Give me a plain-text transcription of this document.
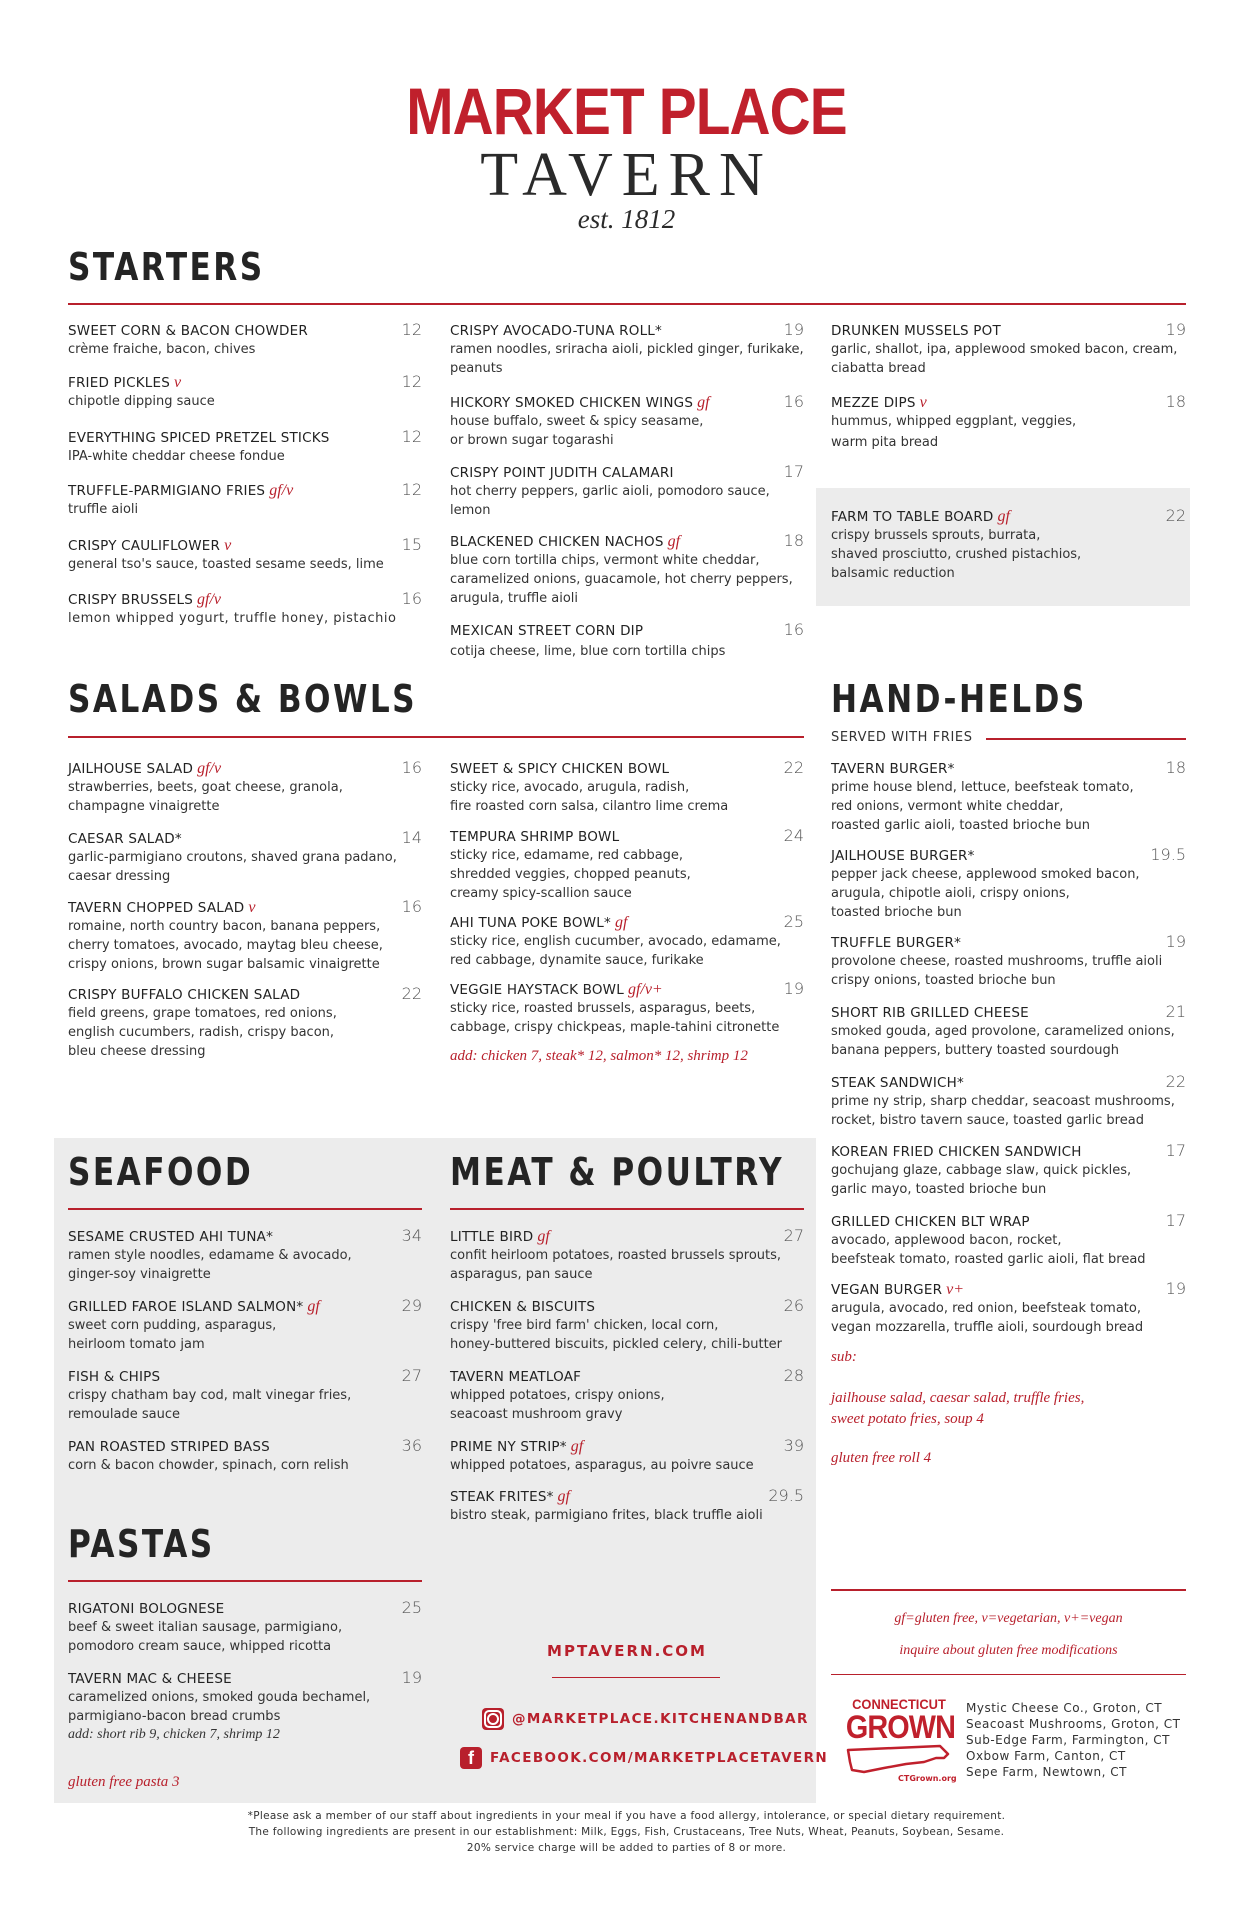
MARKET PLACE
TAVERN
est. 1812
STARTERS
SALADS & BOWLS	HAND-HELDS
SERVED WITH FRIES
SEAFOOD	MEAT & POULTRY
PASTAS
SWEET CORN & BACON CHOWDER	12
crème fraiche, bacon, chives
FRIED PICKLES v	12
chipotle dipping sauce
EVERYTHING SPICED PRETZEL STICKS	12
IPA-white cheddar cheese fondue
TRUFFLE-PARMIGIANO FRIES gf/v	12
truffle aioli
CRISPY CAULIFLOWER v	15
general tso's sauce, toasted sesame seeds, lime
CRISPY BRUSSELS gf/v	16
lemon whipped yogurt, truffle honey, pistachio
CRISPY AVOCADO-TUNA ROLL*	19
ramen noodles, sriracha aioli, pickled ginger, furikake,
peanuts
HICKORY SMOKED CHICKEN WINGS gf	16
house buffalo, sweet & spicy seasame,
or brown sugar togarashi
CRISPY POINT JUDITH CALAMARI	17
hot cherry peppers, garlic aioli, pomodoro sauce,
lemon
BLACKENED CHICKEN NACHOS gf	18
blue corn tortilla chips, vermont white cheddar,
caramelized onions, guacamole, hot cherry peppers,
arugula, truffle aioli
MEXICAN STREET CORN DIP	16
cotija cheese, lime, blue corn tortilla chips
DRUNKEN MUSSELS POT	19
garlic, shallot, ipa, applewood smoked bacon, cream,
ciabatta bread
MEZZE DIPS v	18
hummus, whipped eggplant, veggies,
warm pita bread
FARM TO TABLE BOARD gf	22
crispy brussels sprouts, burrata,
shaved prosciutto, crushed pistachios,
balsamic reduction
JAILHOUSE SALAD gf/v	16
strawberries, beets, goat cheese, granola,
champagne vinaigrette
CAESAR SALAD*	14
garlic-parmigiano croutons, shaved grana padano,
caesar dressing
TAVERN CHOPPED SALAD v	16
romaine, north country bacon, banana peppers,
cherry tomatoes, avocado, maytag bleu cheese,
crispy onions, brown sugar balsamic vinaigrette
CRISPY BUFFALO CHICKEN SALAD	22
field greens, grape tomatoes, red onions,
english cucumbers, radish, crispy bacon,
bleu cheese dressing
SWEET & SPICY CHICKEN BOWL	22
sticky rice, avocado, arugula, radish,
fire roasted corn salsa, cilantro lime crema
TEMPURA SHRIMP BOWL	24
sticky rice, edamame, red cabbage,
shredded veggies, chopped peanuts,
creamy spicy-scallion sauce
AHI TUNA POKE BOWL* gf	25
sticky rice, english cucumber, avocado, edamame,
red cabbage, dynamite sauce, furikake
VEGGIE HAYSTACK BOWL gf/v+	19
sticky rice, roasted brussels, asparagus, beets,
cabbage, crispy chickpeas, maple-tahini citronette
add: chicken 7, steak* 12, salmon* 12, shrimp 12
TAVERN BURGER*	18
prime house blend, lettuce, beefsteak tomato,
red onions, vermont white cheddar,
roasted garlic aioli, toasted brioche bun
JAILHOUSE BURGER*	19.5
pepper jack cheese, applewood smoked bacon,
arugula, chipotle aioli, crispy onions,
toasted brioche bun
TRUFFLE BURGER*	19
provolone cheese, roasted mushrooms, truffle aioli
crispy onions, toasted brioche bun
SHORT RIB GRILLED CHEESE	21
smoked gouda, aged provolone, caramelized onions,
banana peppers, buttery toasted sourdough
STEAK SANDWICH*	22
prime ny strip, sharp cheddar, seacoast mushrooms,
rocket, bistro tavern sauce, toasted garlic bread
KOREAN FRIED CHICKEN SANDWICH	17
gochujang glaze, cabbage slaw, quick pickles,
garlic mayo, toasted brioche bun
GRILLED CHICKEN BLT WRAP	17
avocado, applewood bacon, rocket,
beefsteak tomato, roasted garlic aioli, flat bread
VEGAN BURGER v+	19
arugula, avocado, red onion, beefsteak tomato,
vegan mozzarella, truffle aioli, sourdough bread
sub:
jailhouse salad, caesar salad, truffle fries,
sweet potato fries, soup 4
gluten free roll 4
SESAME CRUSTED AHI TUNA*	34
ramen style noodles, edamame & avocado,
ginger-soy vinaigrette
GRILLED FAROE ISLAND SALMON* gf	29
sweet corn pudding, asparagus,
heirloom tomato jam
FISH & CHIPS	27
crispy chatham bay cod, malt vinegar fries,
remoulade sauce
PAN ROASTED STRIPED BASS	36
corn & bacon chowder, spinach, corn relish
LITTLE BIRD gf	27
confit heirloom potatoes, roasted brussels sprouts,
asparagus, pan sauce
CHICKEN & BISCUITS	26
crispy 'free bird farm' chicken, local corn,
honey-buttered biscuits, pickled celery, chili-butter
TAVERN MEATLOAF	28
whipped potatoes, crispy onions,
seacoast mushroom gravy
PRIME NY STRIP* gf	39
whipped potatoes, asparagus, au poivre sauce
STEAK FRITES* gf	29.5
bistro steak, parmigiano frites, black truffle aioli
RIGATONI BOLOGNESE	25
beef & sweet italian sausage, parmigiano,
pomodoro cream sauce, whipped ricotta
TAVERN MAC & CHEESE	19
caramelized onions, smoked gouda bechamel,
parmigiano-bacon bread crumbs
add: short rib 9, chicken 7, shrimp 12
gluten free pasta 3
MPTAVERN.COM
@MARKETPLACE.KITCHENANDBAR
f FACEBOOK.COM/MARKETPLACETAVERN
gf=gluten free, v=vegetarian, v+=vegan
inquire about gluten free modifications
CONNECTICUT
GROWN
CTGrown.org
Mystic Cheese Co., Groton, CT
Seacoast Mushrooms, Groton, CT
Sub-Edge Farm, Farmington, CT
Oxbow Farm, Canton, CT
Sepe Farm, Newtown, CT
*Please ask a member of our staff about ingredients in your meal if you have a food allergy, intolerance, or special dietary requirement.
The following ingredients are present in our establishment: Milk, Eggs, Fish, Crustaceans, Tree Nuts, Wheat, Peanuts, Soybean, Sesame.
20% service charge will be added to parties of 8 or more.
